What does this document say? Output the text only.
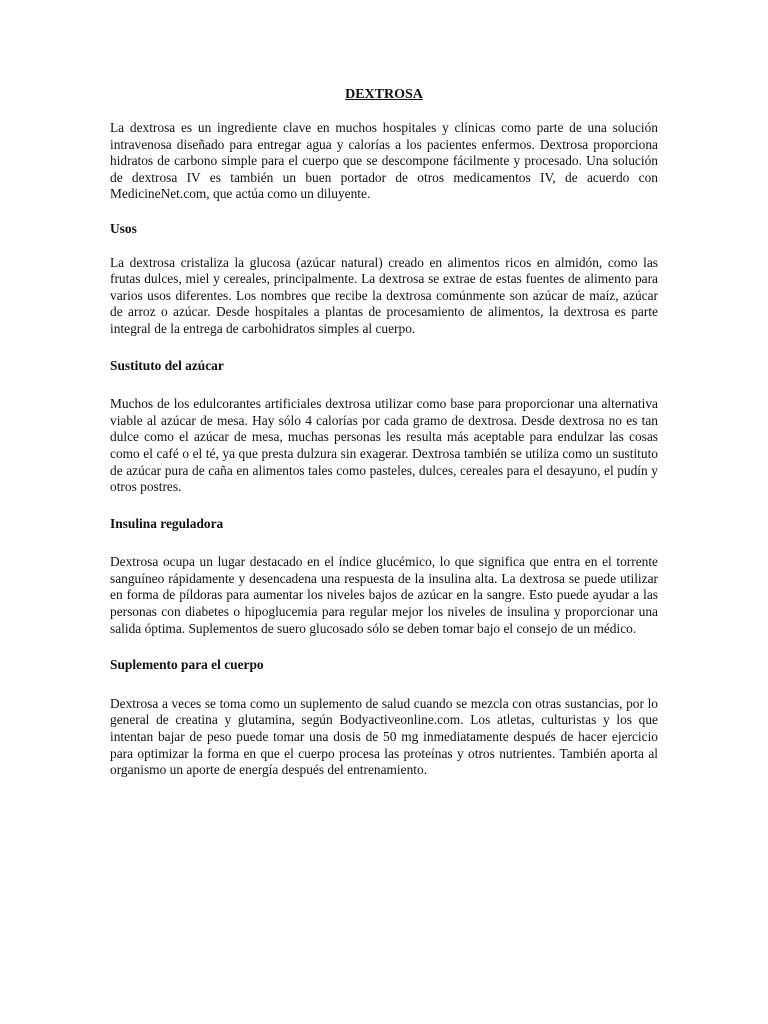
DEXTROSA

La dextrosa es un ingrediente clave en muchos hospitales y clínicas como parte de una solución intravenosa diseñado para entregar agua y calorías a los pacientes enfermos. Dextrosa proporciona hidratos de carbono simple para el cuerpo que se descompone fácilmente y procesado. Una solución de dextrosa IV es también un buen portador de otros medicamentos IV, de acuerdo con MedicineNet.com, que actúa como un diluyente.

Usos

La dextrosa cristaliza la glucosa (azúcar natural) creado en alimentos ricos en almidón, como las frutas dulces, miel y cereales, principalmente. La dextrosa se extrae de estas fuentes de alimento para varios usos diferentes. Los nombres que recibe la dextrosa comúnmente son azúcar de maíz, azúcar de arroz o azúcar. Desde hospitales a plantas de procesamiento de alimentos, la dextrosa es parte integral de la entrega de carbohidratos simples al cuerpo.

Sustituto del azúcar

Muchos de los edulcorantes artificiales dextrosa utilizar como base para proporcionar una alternativa viable al azúcar de mesa. Hay sólo 4 calorías por cada gramo de dextrosa. Desde dextrosa no es tan dulce como el azúcar de mesa, muchas personas les resulta más aceptable para endulzar las cosas como el café o el té, ya que presta dulzura sin exagerar. Dextrosa también se utiliza como un sustituto de azúcar pura de caña en alimentos tales como pasteles, dulces, cereales para el desayuno, el pudín y otros postres.

Insulina reguladora

Dextrosa ocupa un lugar destacado en el índice glucémico, lo que significa que entra en el torrente sanguíneo rápidamente y desencadena una respuesta de la insulina alta. La dextrosa se puede utilizar en forma de píldoras para aumentar los niveles bajos de azúcar en la sangre. Esto puede ayudar a las personas con diabetes o hipoglucemia para regular mejor los niveles de insulina y proporcionar una salida óptima. Suplementos de suero glucosado sólo se deben tomar bajo el consejo de un médico.

Suplemento para el cuerpo

Dextrosa a veces se toma como un suplemento de salud cuando se mezcla con otras sustancias, por lo general de creatina y glutamina, según Bodyactiveonline.com. Los atletas, culturistas y los que intentan bajar de peso puede tomar una dosis de 50 mg inmediatamente después de hacer ejercicio para optimizar la forma en que el cuerpo procesa las proteínas y otros nutrientes. También aporta al organismo un aporte de energía después del entrenamiento.
